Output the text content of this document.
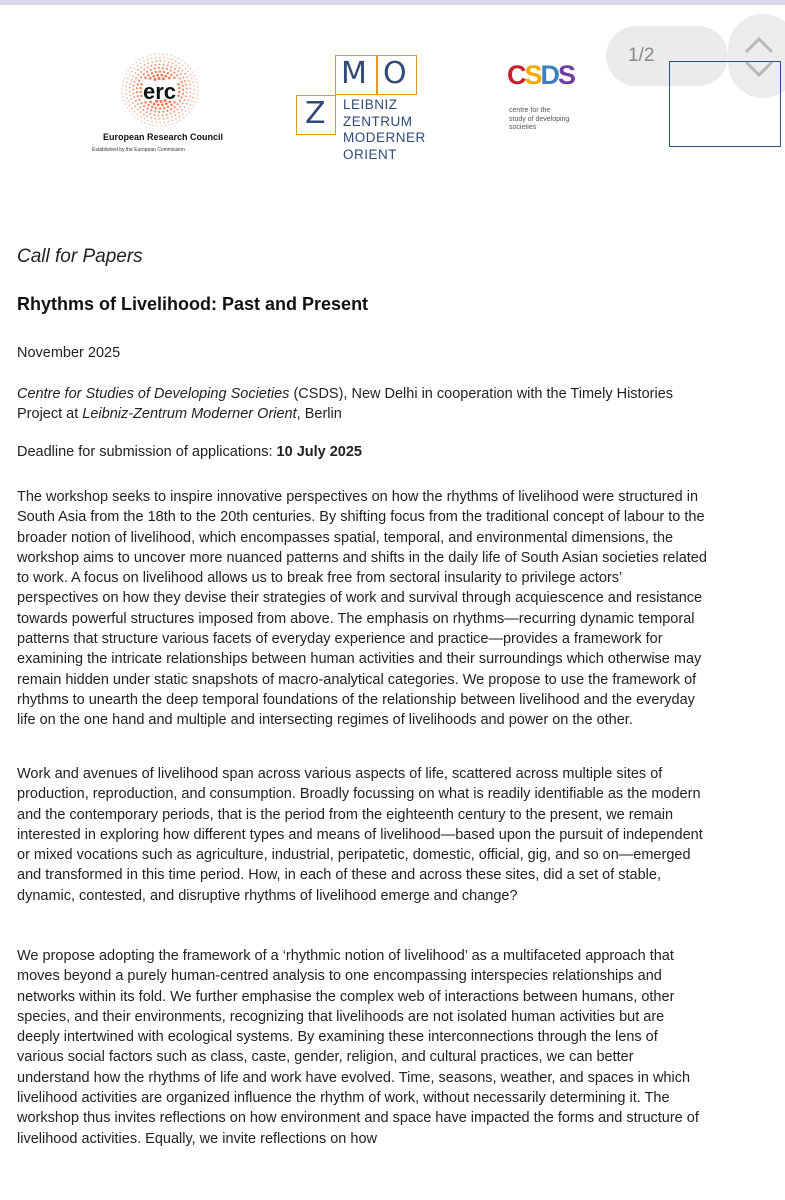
erc
European Research Council
Established by the European Commission
M O
Z LEIBNIZ
ZENTRUM
MODERNER
ORIENT
CSDS
centre for the
study of developing
societies
1/2
Call for Papers
Rhythms of Livelihood: Past and Present
November 2025
Centre for Studies of Developing Societies (CSDS), New Delhi in cooperation with the Timely Histories Project at Leibniz-Zentrum Moderner Orient, Berlin
Deadline for submission of applications: 10 July 2025
The workshop seeks to inspire innovative perspectives on how the rhythms of livelihood were structured in South Asia from the 18th to the 20th centuries. By shifting focus from the traditional concept of labour to the broader notion of livelihood, which encompasses spatial, temporal, and environmental dimensions, the workshop aims to uncover more nuanced patterns and shifts in the daily life of South Asian societies related to work. A focus on livelihood allows us to break free from sectoral insularity to privilege actors’ perspectives on how they devise their strategies of work and survival through acquiescence and resistance towards powerful structures imposed from above. The emphasis on rhythms—recurring dynamic temporal patterns that structure various facets of everyday experience and practice—provides a framework for examining the intricate relationships between human activities and their surroundings which otherwise may remain hidden under static snapshots of macro-analytical categories. We propose to use the framework of rhythms to unearth the deep temporal foundations of the relationship between livelihood and the everyday life on the one hand and multiple and intersecting regimes of livelihoods and power on the other.
Work and avenues of livelihood span across various aspects of life, scattered across multiple sites of production, reproduction, and consumption. Broadly focussing on what is readily identifiable as the modern and the contemporary periods, that is the period from the eighteenth century to the present, we remain interested in exploring how different types and means of livelihood—based upon the pursuit of independent or mixed vocations such as agriculture, industrial, peripatetic, domestic, official, gig, and so on—emerged and transformed in this time period. How, in each of these and across these sites, did a set of stable, dynamic, contested, and disruptive rhythms of livelihood emerge and change?
We propose adopting the framework of a ‘rhythmic notion of livelihood’ as a multifaceted approach that moves beyond a purely human-centred analysis to one encompassing interspecies relationships and networks within its fold. We further emphasise the complex web of interactions between humans, other species, and their environments, recognizing that livelihoods are not isolated human activities but are deeply intertwined with ecological systems. By examining these interconnections through the lens of various social factors such as class, caste, gender, religion, and cultural practices, we can better understand how the rhythms of life and work have evolved. Time, seasons, weather, and spaces in which livelihood activities are organized influence the rhythm of work, without necessarily determining it. The workshop thus invites reflections on how environment and space have impacted the forms and structure of livelihood activities. Equally, we invite reflections on how
